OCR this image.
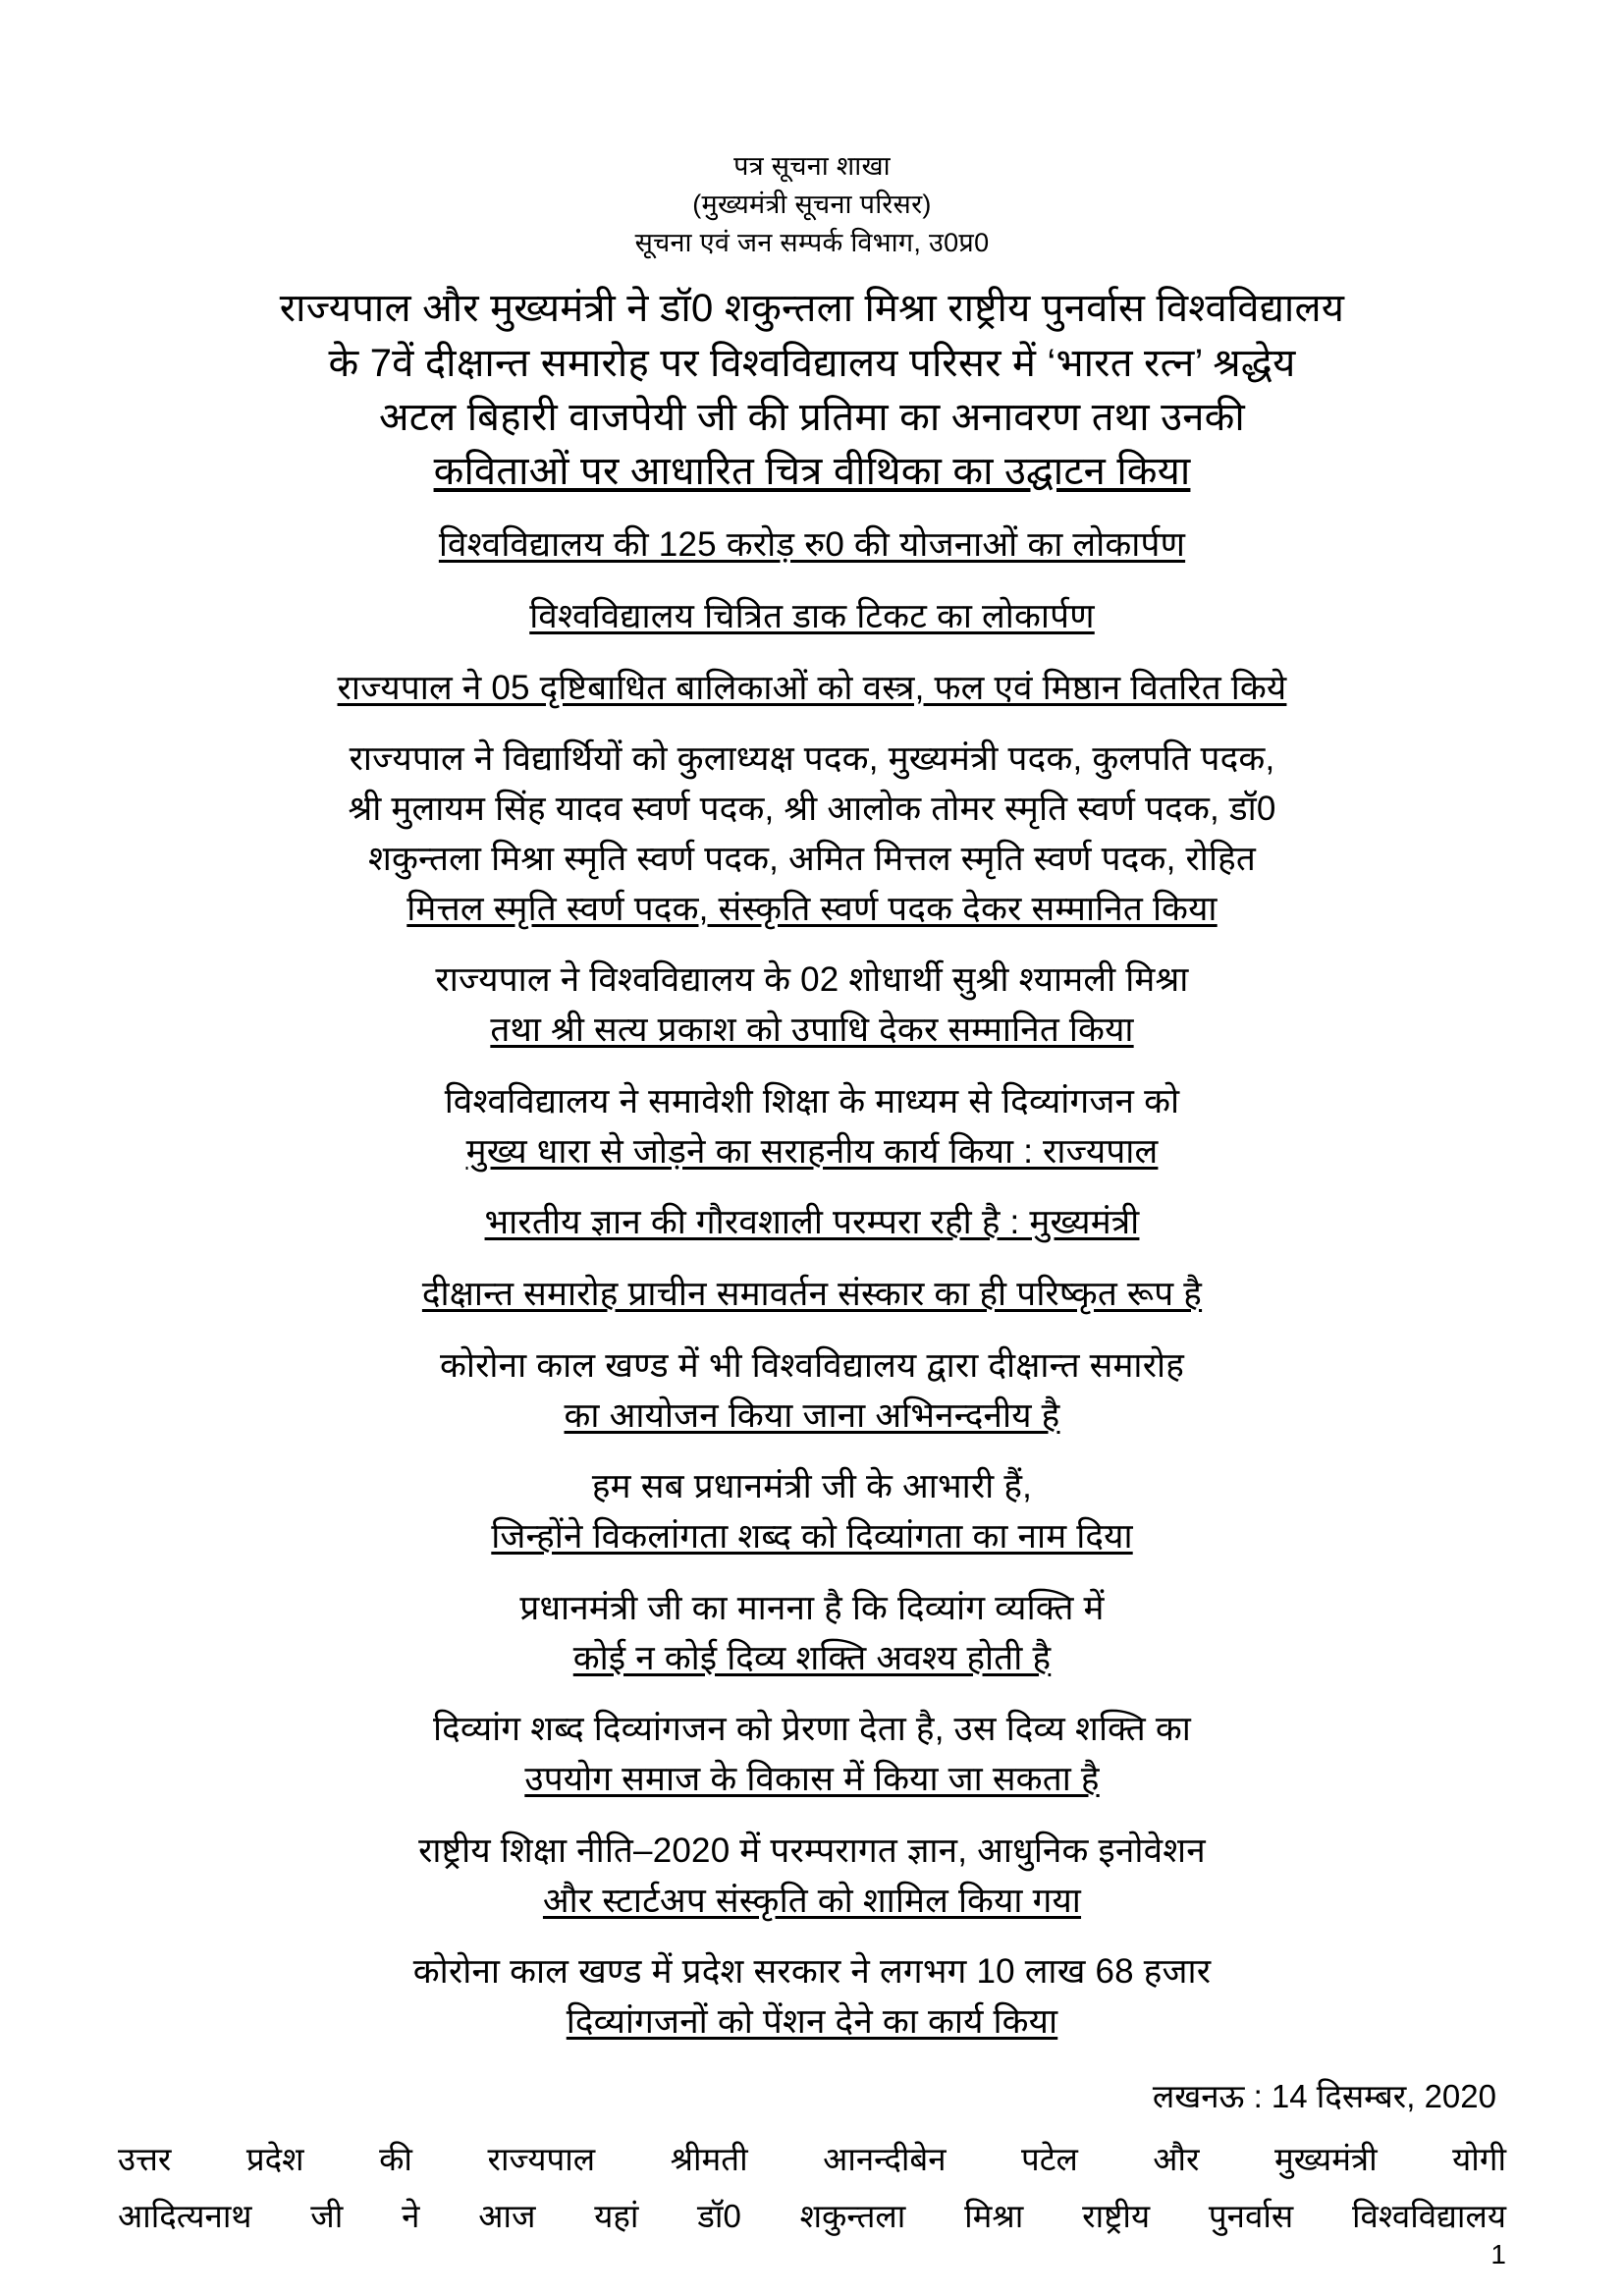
पत्र सूचना शाखा
(मुख्यमंत्री सूचना परिसर)
सूचना एवं जन सम्पर्क विभाग, उ0प्र0
राज्यपाल और मुख्यमंत्री ने डॉ0 शकुन्तला मिश्रा राष्ट्रीय पुनर्वास विश्वविद्यालय
के 7वें दीक्षान्त समारोह पर विश्वविद्यालय परिसर में ‘भारत रत्न’ श्रद्धेय
अटल बिहारी वाजपेयी जी की प्रतिमा का अनावरण तथा उनकी
कविताओं पर आधारित चित्र वीथिका का उद्घाटन किया
विश्वविद्यालय की 125 करोड़ रु0 की योजनाओं का लोकार्पण
विश्वविद्यालय चित्रित डाक टिकट का लोकार्पण
राज्यपाल ने 05 दृष्टिबाधित बालिकाओं को वस्त्र, फल एवं मिष्ठान वितरित किये
राज्यपाल ने विद्यार्थियों को कुलाध्यक्ष पदक, मुख्यमंत्री पदक, कुलपति पदक,
श्री मुलायम सिंह यादव स्वर्ण पदक, श्री आलोक तोमर स्मृति स्वर्ण पदक, डॉ0
शकुन्तला मिश्रा स्मृति स्वर्ण पदक, अमित मित्तल स्मृति स्वर्ण पदक, रोहित
मित्तल स्मृति स्वर्ण पदक, संस्कृति स्वर्ण पदक देकर सम्मानित किया
राज्यपाल ने विश्वविद्यालय के 02 शोधार्थी सुश्री श्यामली मिश्रा
तथा श्री सत्य प्रकाश को उपाधि देकर सम्मानित किया
विश्वविद्यालय ने समावेशी शिक्षा के माध्यम से दिव्यांगजन को
मुख्य धारा से जोड़ने का सराहनीय कार्य किया : राज्यपाल
भारतीय ज्ञान की गौरवशाली परम्परा रही है : मुख्यमंत्री
दीक्षान्त समारोह प्राचीन समावर्तन संस्कार का ही परिष्कृत रूप है
कोरोना काल खण्ड में भी विश्वविद्यालय द्वारा दीक्षान्त समारोह
का आयोजन किया जाना अभिनन्दनीय है
हम सब प्रधानमंत्री जी के आभारी हैं,
जिन्होंने विकलांगता शब्द को दिव्यांगता का नाम दिया
प्रधानमंत्री जी का मानना है कि दिव्यांग व्यक्ति में
कोई न कोई दिव्य शक्ति अवश्य होती है
दिव्यांग शब्द दिव्यांगजन को प्रेरणा देता है, उस दिव्य शक्ति का
उपयोग समाज के विकास में किया जा सकता है
राष्ट्रीय शिक्षा नीति–2020 में परम्परागत ज्ञान, आधुनिक इनोवेशन
और स्टार्टअप संस्कृति को शामिल किया गया
कोरोना काल खण्ड में प्रदेश सरकार ने लगभग 10 लाख 68 हजार
दिव्यांगजनों को पेंशन देने का कार्य किया
लखनऊ : 14 दिसम्बर, 2020
उत्तर प्रदेश की राज्यपाल श्रीमती आनन्दीबेन पटेल और मुख्यमंत्री योगी
आदित्यनाथ जी ने आज यहां डॉ0 शकुन्तला मिश्रा राष्ट्रीय पुनर्वास विश्वविद्यालय
1
